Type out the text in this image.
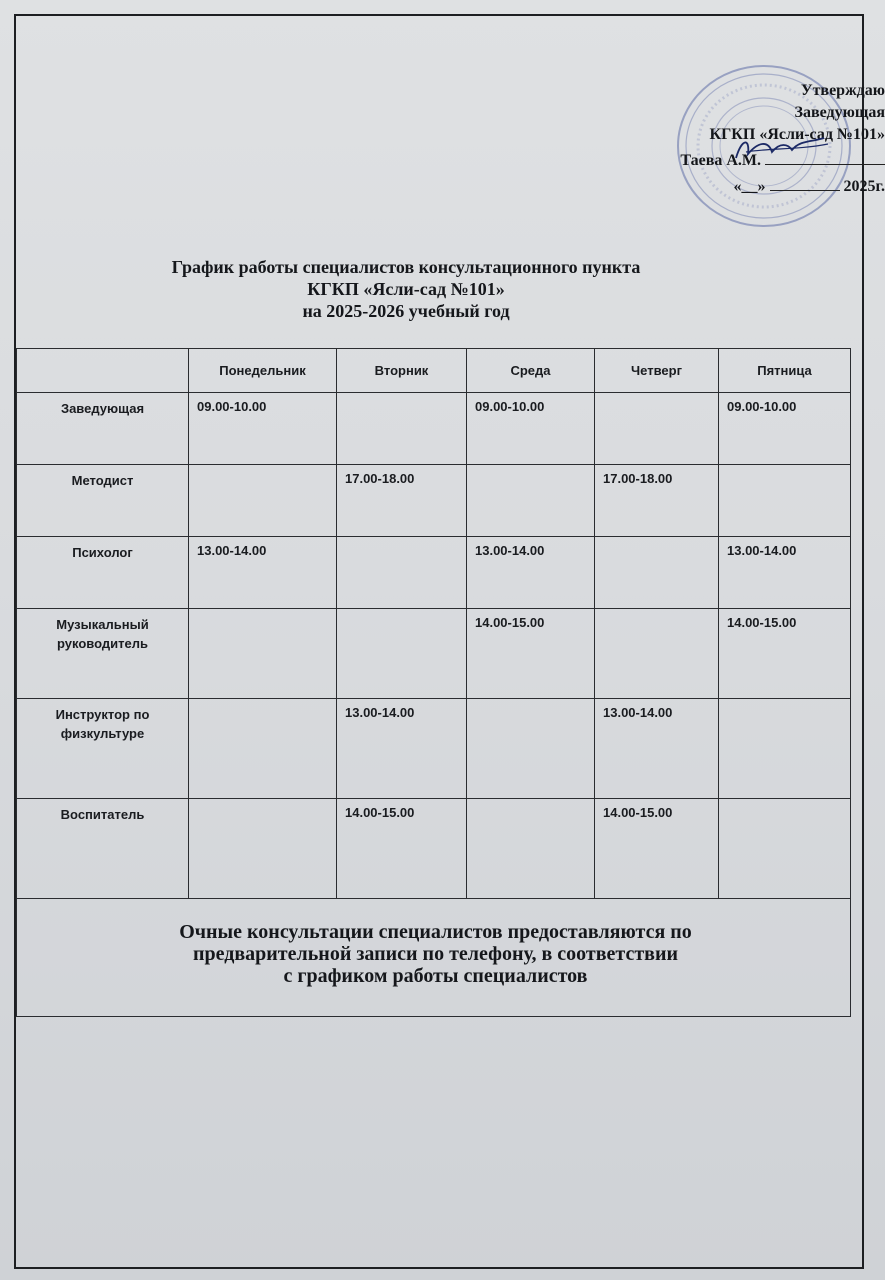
Утверждаю
Заведующая
КГКП «Ясли-сад №101»
Таева А.М.
«__»	2025г.
График работы специалистов консультационного пункта
КГКП «Ясли-сад №101»
на 2025-2026 учебный год
	Понедельник	Вторник	Среда	Четверг	Пятница
Заведующая	09.00-10.00		09.00-10.00		09.00-10.00
Методист		17.00-18.00		17.00-18.00	
Психолог	13.00-14.00		13.00-14.00		13.00-14.00
Музыкальный руководитель			14.00-15.00		14.00-15.00
Инструктор по физкультуре		13.00-14.00		13.00-14.00	
Воспитатель		14.00-15.00		14.00-15.00	

Очные консультации специалистов предоставляются по
предварительной записи по телефону, в соответствии
с графиком работы специалистов					
